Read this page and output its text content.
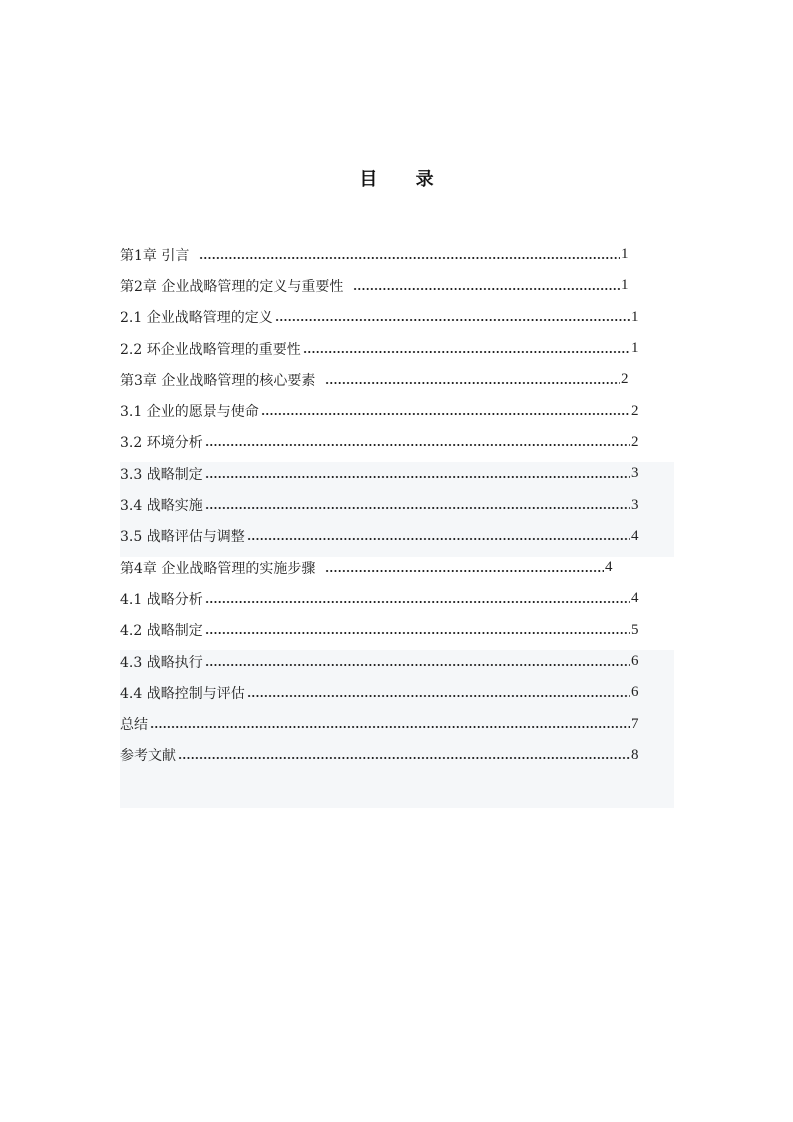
目 录
第1章 引言	1
第2章 企业战略管理的定义与重要性	1
2.1 企业战略管理的定义	1
2.2 环企业战略管理的重要性	1
第3章 企业战略管理的核心要素	2
3.1 企业的愿景与使命	2
3.2 环境分析	2
3.3 战略制定	3
3.4 战略实施	3
3.5 战略评估与调整	4
第4章 企业战略管理的实施步骤	4
4.1 战略分析	4
4.2 战略制定	5
4.3 战略执行	6
4.4 战略控制与评估	6
总结	7
参考文献	8
